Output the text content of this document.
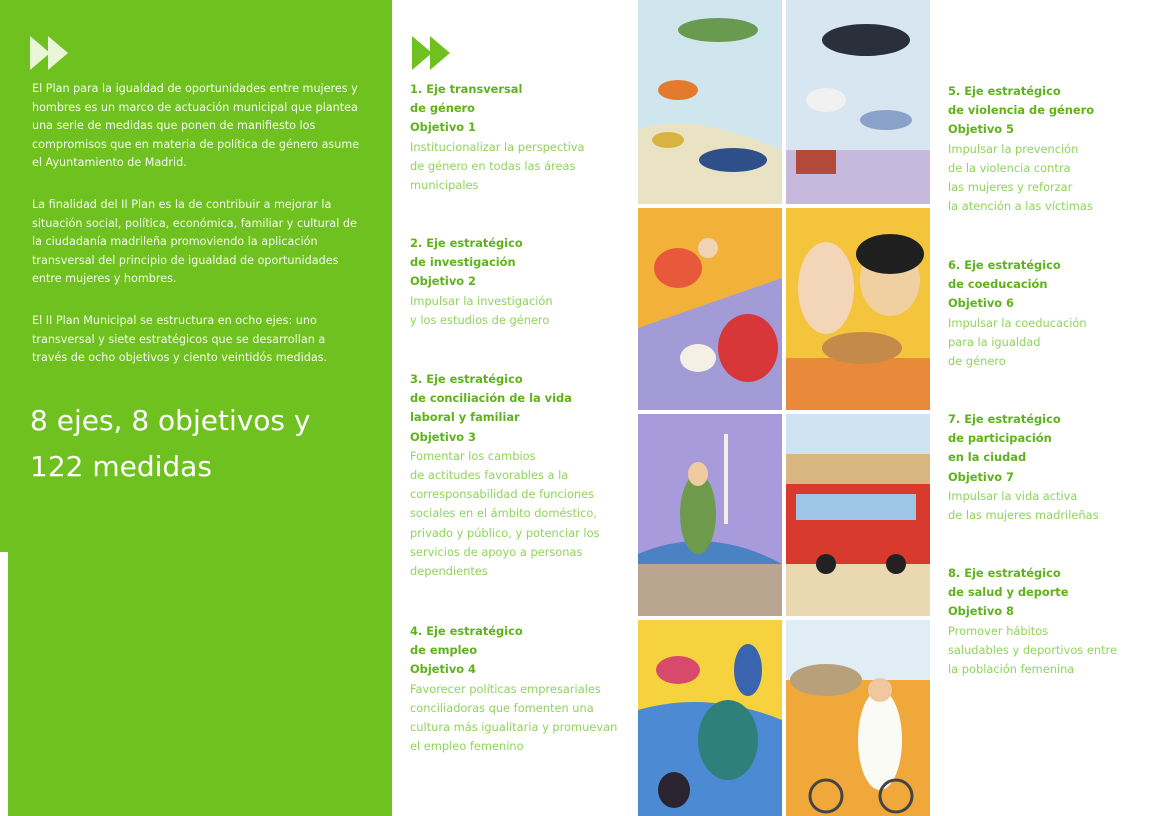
El Plan para la igualdad de oportunidades entre mujeres y hombres es un marco de actuación municipal que plantea una serie de medidas que ponen de manifiesto los compromisos que en materia de política de género asume el Ayuntamiento de Madrid.

La finalidad del II Plan es la de contribuir a mejorar la situación social, política, económica, familiar y cultural de la ciudadanía madrileña promoviendo la aplicación transversal del principio de igualdad de oportunidades entre mujeres y hombres.

El II Plan Municipal se estructura en ocho ejes: uno transversal y siete estratégicos que se desarrollan a través de ocho objetivos y ciento veintidós medidas.

8 ejes, 8 objetivos y 122 medidas
1. Eje transversal
de género
Objetivo 1
Institucionalizar la perspectiva
de género en todas las áreas
municipales
2. Eje estratégico
de investigación
Objetivo 2
Impulsar la investigación
y los estudios de género
3. Eje estratégico
de conciliación de la vida
laboral y familiar
Objetivo 3
Fomentar los cambios
de actitudes favorables a la
corresponsabilidad de funciones
sociales en el ámbito doméstico,
privado y público, y potenciar los
servicios de apoyo a personas
dependientes
4. Eje estratégico
de empleo
Objetivo 4
Favorecer políticas empresariales
conciliadoras que fomenten una
cultura más igualitaria y promuevan
el empleo femenino
5. Eje estratégico
de violencia de género
Objetivo 5
Impulsar la prevención
de la violencia contra
las mujeres y reforzar
la atención a las víctimas
6. Eje estratégico
de coeducación
Objetivo 6
Impulsar la coeducación
para la igualdad
de género
7. Eje estratégico
de participación
en la ciudad
Objetivo 7
Impulsar la vida activa
de las mujeres madrileñas
8. Eje estratégico
de salud y deporte
Objetivo 8
Promover hábitos
saludables y deportivos entre
la población femenina
